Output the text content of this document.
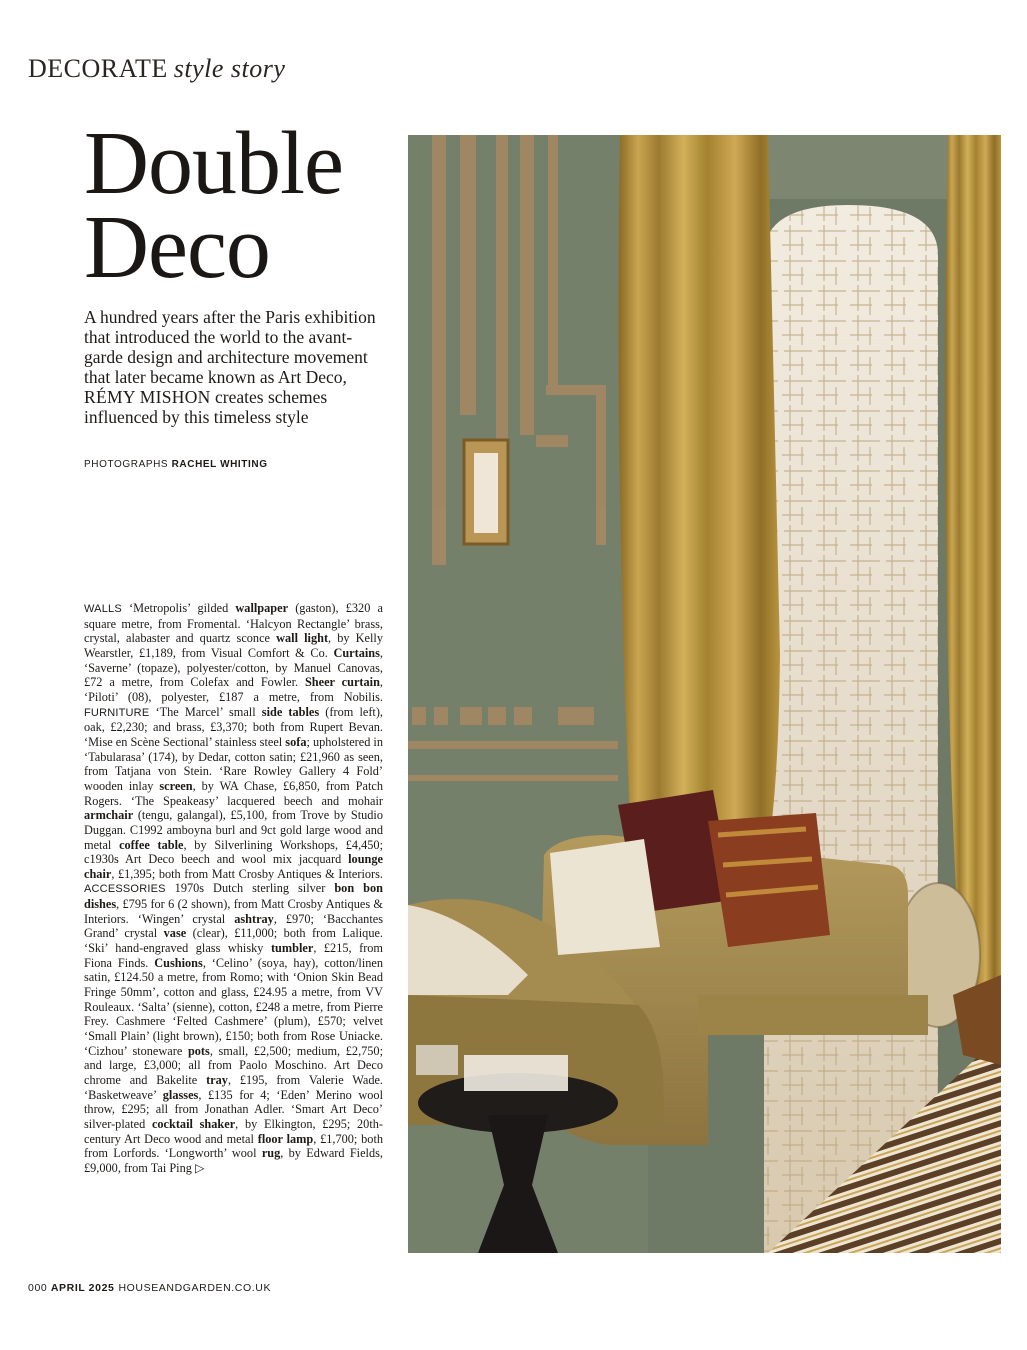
DECORATE style story
Double
Deco

A hundred years after the Paris exhibition that introduced the world to the avant-garde design and architecture movement that later became known as Art Deco, RÉMY MISHON creates schemes influenced by this timeless style

PHOTOGRAPHS RACHEL WHITING

WALLS ‘Metropolis’ gilded wallpaper (gaston), £320 a square metre, from Fromental. ‘Halcyon Rectangle’ brass, crystal, alabaster and quartz sconce wall light, by Kelly Wearstler, £1,189, from Visual Comfort & Co. Curtains, ‘Saverne’ (topaze), polyester/cotton, by Manuel Canovas, £72 a metre, from Colefax and Fowler. Sheer curtain, ‘Piloti’ (08), polyester, £187 a metre, from Nobilis. FURNITURE ‘The Marcel’ small side tables (from left), oak, £2,230; and brass, £3,370; both from Rupert Bevan. ‘Mise en Scène Sectional’ stainless steel sofa; upholstered in ‘Tabularasa’ (174), by Dedar, cotton satin; £21,960 as seen, from Tatjana von Stein. ‘Rare Rowley Gallery 4 Fold’ wooden inlay screen, by WA Chase, £6,850, from Patch Rogers. ‘The Speakeasy’ lacquered beech and mohair armchair (tengu, galangal), £5,100, from Trove by Studio Duggan. C1992 amboyna burl and 9ct gold large wood and metal coffee table, by Silverlining Workshops, £4,450; c1930s Art Deco beech and wool mix jacquard lounge chair, £1,395; both from Matt Crosby Antiques & Interiors. ACCESSORIES 1970s Dutch sterling silver bon bon dishes, £795 for 6 (2 shown), from Matt Crosby Antiques & Interiors. ‘Wingen’ crystal ashtray, £970; ‘Bacchantes Grand’ crystal vase (clear), £11,000; both from Lalique. ‘Ski’ hand-engraved glass whisky tumbler, £215, from Fiona Finds. Cushions, ‘Celino’ (soya, hay), cotton/linen satin, £124.50 a metre, from Romo; with ‘Onion Skin Bead Fringe 50mm’, cotton and glass, £24.95 a metre, from VV Rouleaux. ‘Salta’ (sienne), cotton, £248 a metre, from Pierre Frey. Cashmere ‘Felted Cashmere’ (plum), £570; velvet ‘Small Plain’ (light brown), £150; both from Rose Uniacke. ‘Cizhou’ stoneware pots, small, £2,500; medium, £2,750; and large, £3,000; all from Paolo Moschino. Art Deco chrome and Bakelite tray, £195, from Valerie Wade. ‘Basketweave’ glasses, £135 for 4; ‘Eden’ Merino wool throw, £295; all from Jonathan Adler. ‘Smart Art Deco’ silver-plated cocktail shaker, by Elkington, £295; 20th-century Art Deco wood and metal floor lamp, £1,700; both from Lorfords. ‘Longworth’ wool rug, by Edward Fields, £9,000, from Tai Ping ▷

000 APRIL 2025 HOUSEANDGARDEN.CO.UK
